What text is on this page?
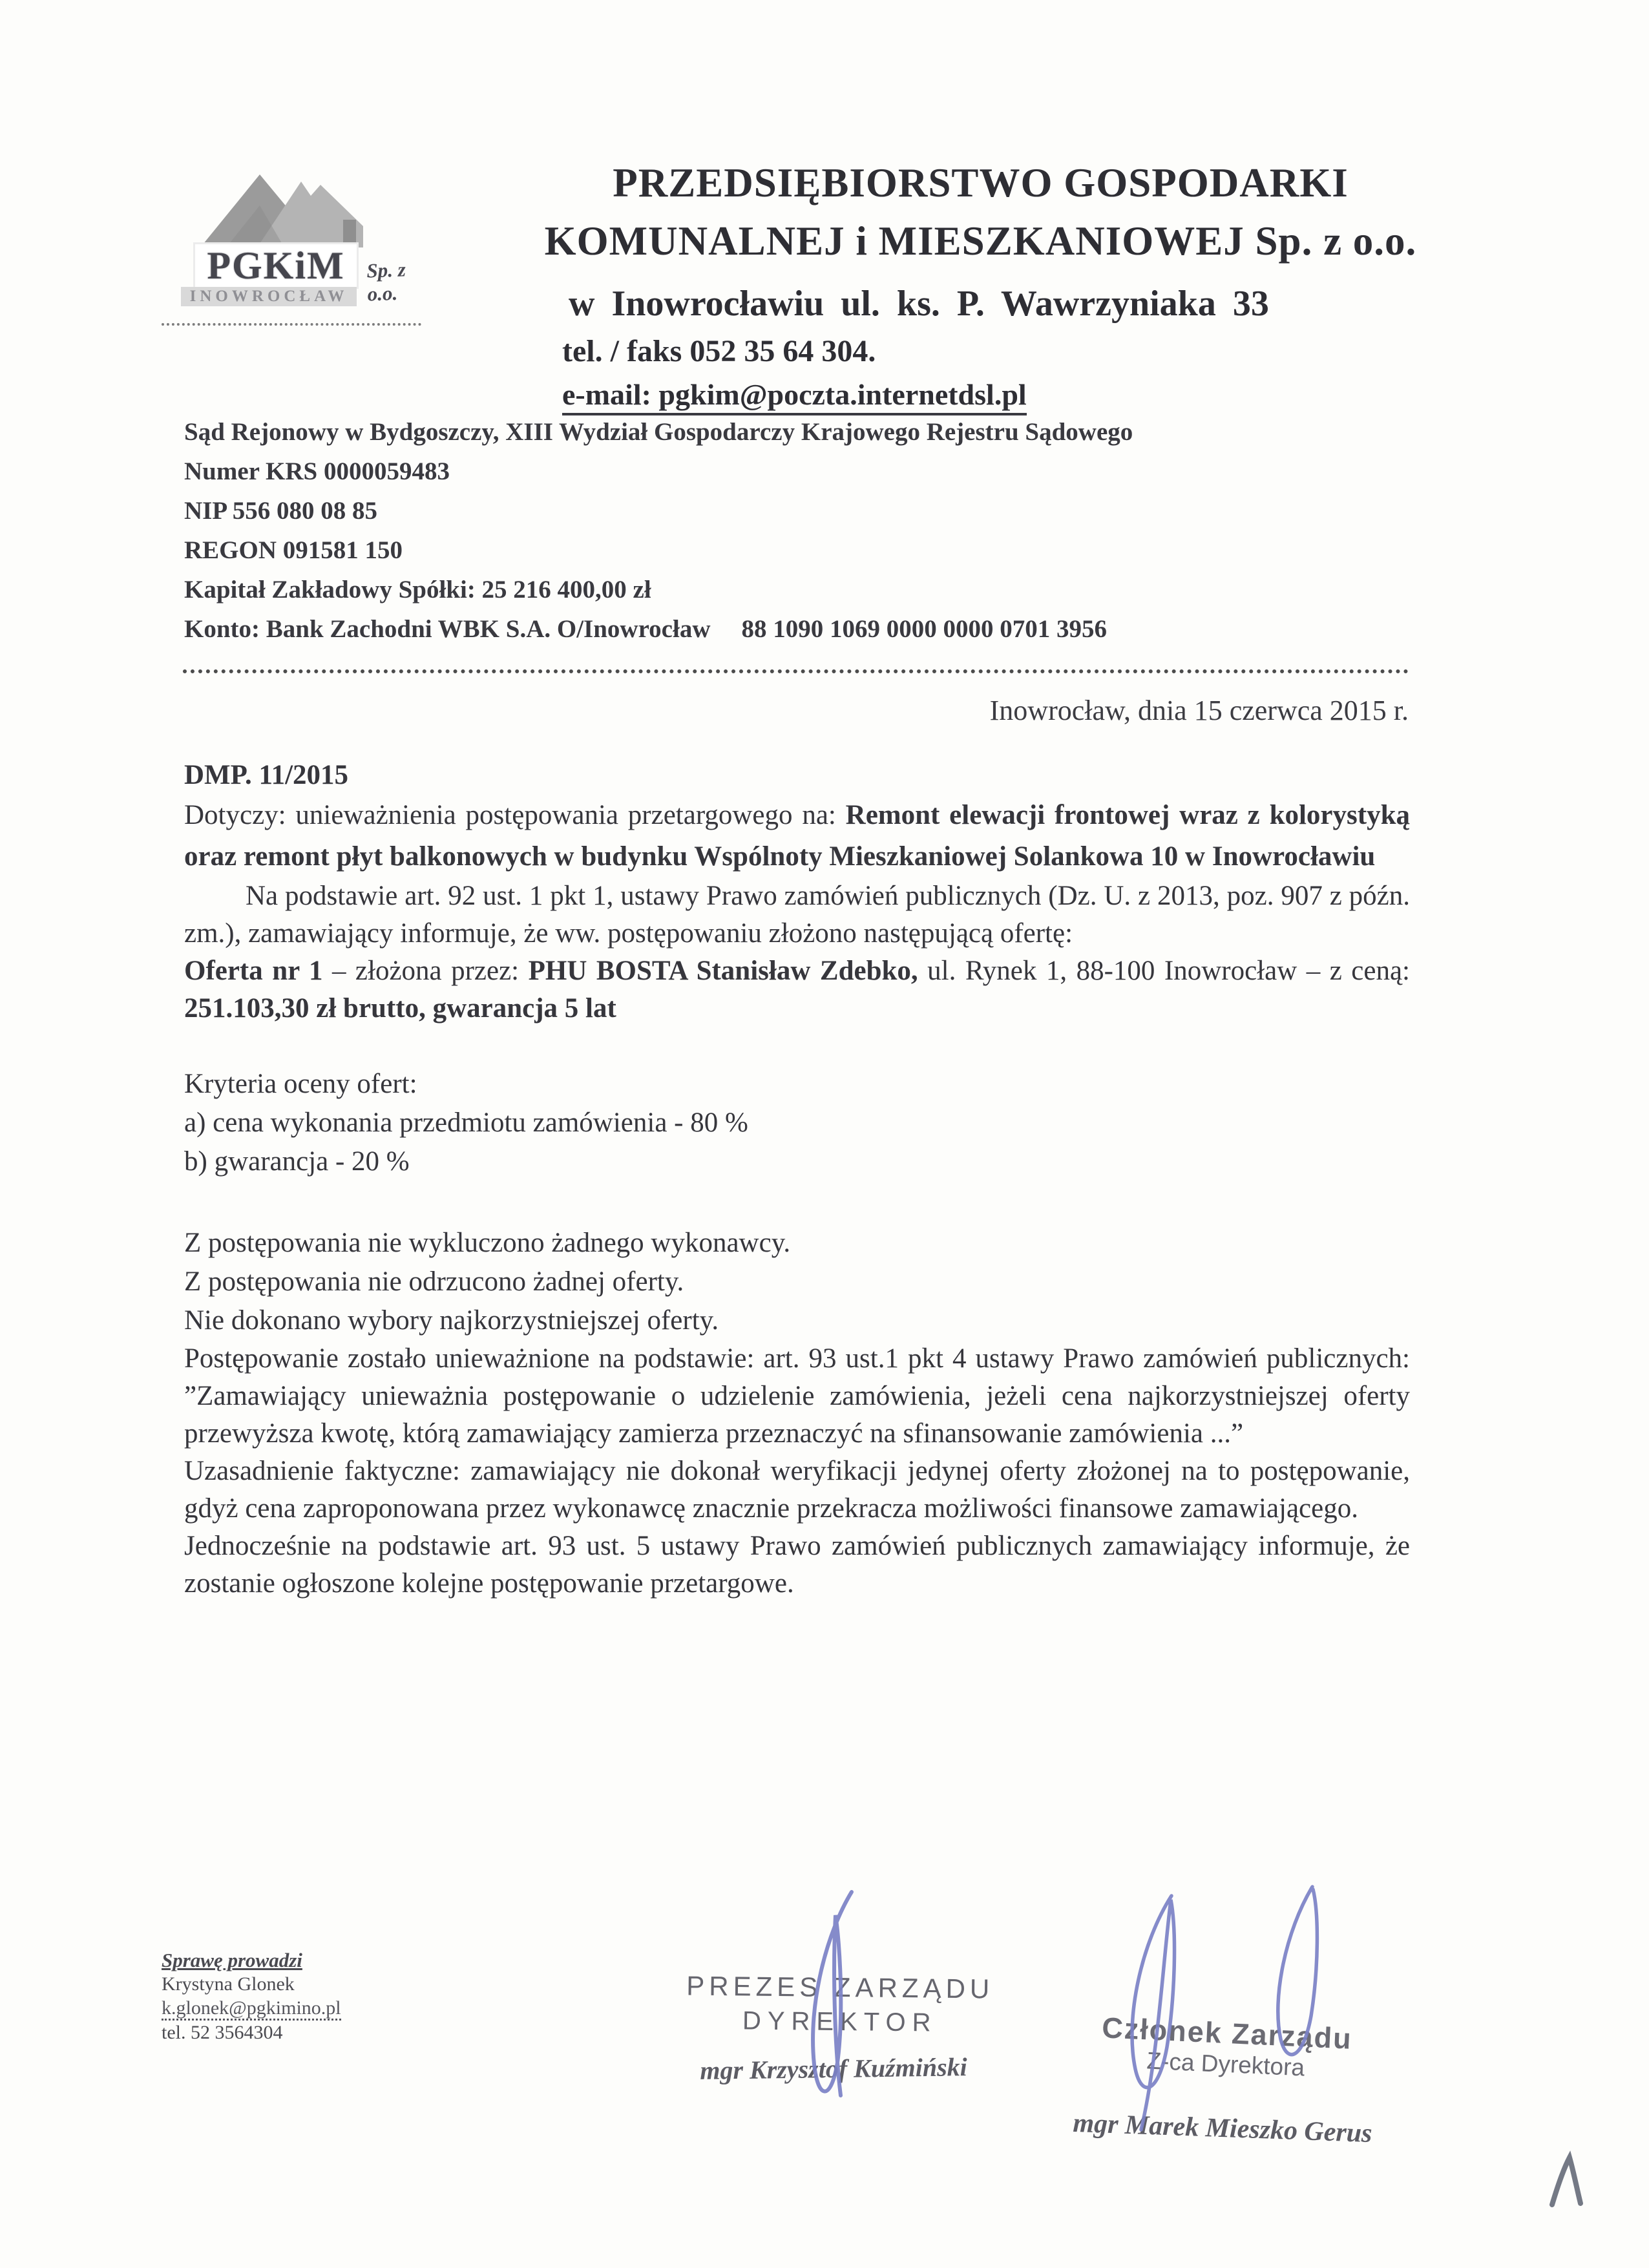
PGKiM Sp. z o.o.
INOWROCŁAW
PRZEDSIĘBIORSTWO GOSPODARKI
KOMUNALNEJ i MIESZKANIOWEJ Sp. z o.o.
w Inowrocławiu ul. ks. P. Wawrzyniaka 33
tel. / faks 052 35 64 304.
e-mail: pgkim@poczta.internetdsl.pl
Sąd Rejonowy w Bydgoszczy, XIII Wydział Gospodarczy Krajowego Rejestru Sądowego
Numer KRS 0000059483
NIP 556 080 08 85
REGON 091581 150
Kapitał Zakładowy Spółki: 25 216 400,00 zł
Konto: Bank Zachodni WBK S.A. O/Inowrocław 88 1090 1069 0000 0000 0701 3956
Inowrocław, dnia 15 czerwca 2015 r.

DMP. 11/2015

Dotyczy: unieważnienia postępowania przetargowego na: Remont elewacji frontowej wraz z kolorystyką oraz remont płyt balkonowych w budynku Wspólnoty Mieszkaniowej Solankowa 10 w Inowrocławiu

Na podstawie art. 92 ust. 1 pkt 1, ustawy Prawo zamówień publicznych (Dz. U. z 2013, poz. 907 z późn. zm.), zamawiający informuje, że ww. postępowaniu złożono następującą ofertę:

Oferta nr 1 – złożona przez: PHU BOSTA Stanisław Zdebko, ul. Rynek 1, 88-100 Inowrocław – z ceną: 251.103,30 zł brutto, gwarancja 5 lat

Kryteria oceny ofert:

a) cena wykonania przedmiotu zamówienia - 80 %

b) gwarancja - 20 %

Z postępowania nie wykluczono żadnego wykonawcy.

Z postępowania nie odrzucono żadnej oferty.

Nie dokonano wybory najkorzystniejszej oferty.

Postępowanie zostało unieważnione na podstawie: art. 93 ust.1 pkt 4 ustawy Prawo zamówień publicznych: ”Zamawiający unieważnia postępowanie o udzielenie zamówienia, jeżeli cena najkorzystniejszej oferty przewyższa kwotę, którą zamawiający zamierza przeznaczyć na sfinansowanie zamówienia ...”

Uzasadnienie faktyczne: zamawiający nie dokonał weryfikacji jedynej oferty złożonej na to postępowanie, gdyż cena zaproponowana przez wykonawcę znacznie przekracza możliwości finansowe zamawiającego.

Jednocześnie na podstawie art. 93 ust. 5 ustawy Prawo zamówień publicznych zamawiający informuje, że zostanie ogłoszone kolejne postępowanie przetargowe.

Sprawę prowadzi
Krystyna Glonek
k.glonek@pgkimino.pl
tel. 52 3564304
PREZES ZARZĄDU
DYREKTOR
mgr Krzysztof Kuźmiński
Członek Zarządu
Z-ca Dyrektora
mgr Marek Mieszko Gerus
